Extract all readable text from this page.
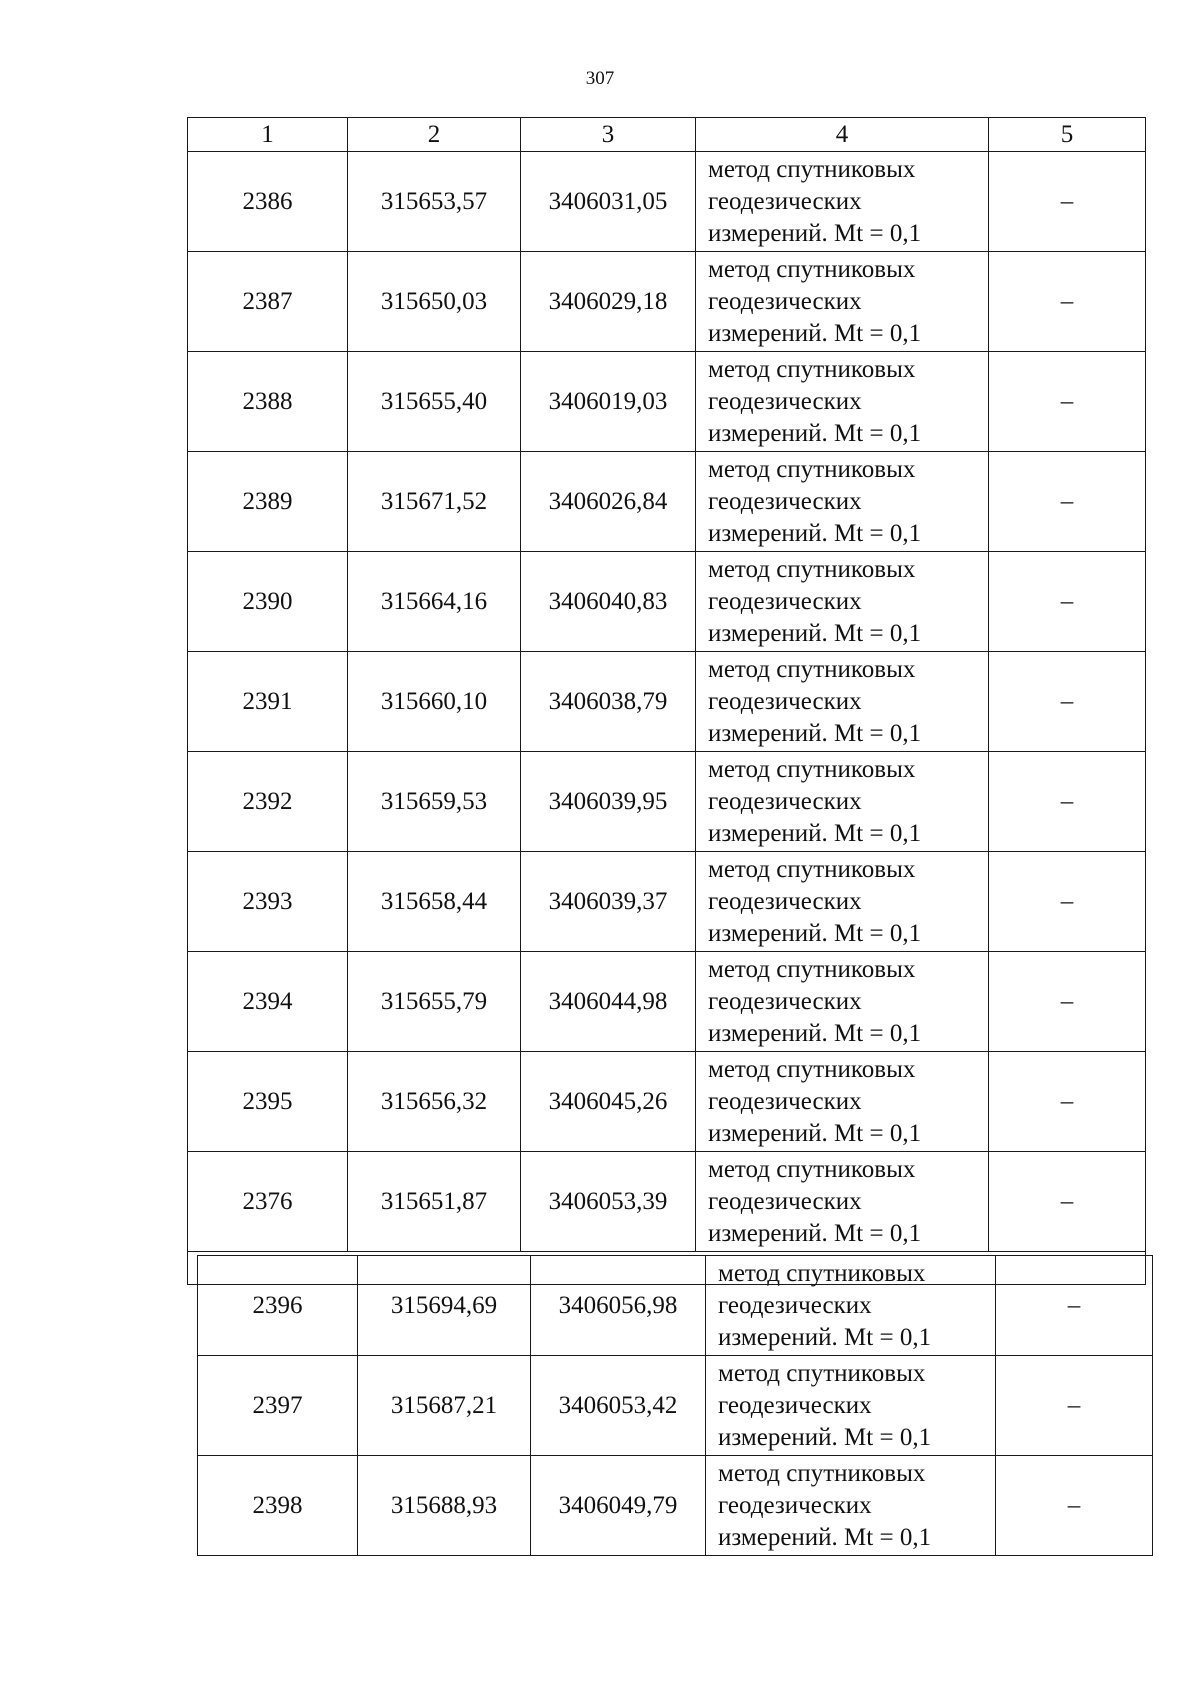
307
1	2	3	4	5
2386	315653,57	3406031,05	метод спутниковых
геодезических
измерений. Mt = 0,1	–
2387	315650,03	3406029,18	метод спутниковых
геодезических
измерений. Mt = 0,1	–
2388	315655,40	3406019,03	метод спутниковых
геодезических
измерений. Mt = 0,1	–
2389	315671,52	3406026,84	метод спутниковых
геодезических
измерений. Mt = 0,1	–
2390	315664,16	3406040,83	метод спутниковых
геодезических
измерений. Mt = 0,1	–
2391	315660,10	3406038,79	метод спутниковых
геодезических
измерений. Mt = 0,1	–
2392	315659,53	3406039,95	метод спутниковых
геодезических
измерений. Mt = 0,1	–
2393	315658,44	3406039,37	метод спутниковых
геодезических
измерений. Mt = 0,1	–
2394	315655,79	3406044,98	метод спутниковых
геодезических
измерений. Mt = 0,1	–
2395	315656,32	3406045,26	метод спутниковых
геодезических
измерений. Mt = 0,1	–
2376	315651,87	3406053,39	метод спутниковых
геодезических
измерений. Mt = 0,1	–

2396	315694,69	3406056,98	метод спутниковых
геодезических
измерений. Mt = 0,1	–
2397	315687,21	3406053,42	метод спутниковых
геодезических
измерений. Mt = 0,1	–
2398	315688,93	3406049,79	метод спутниковых
геодезических
измерений. Mt = 0,1	–
